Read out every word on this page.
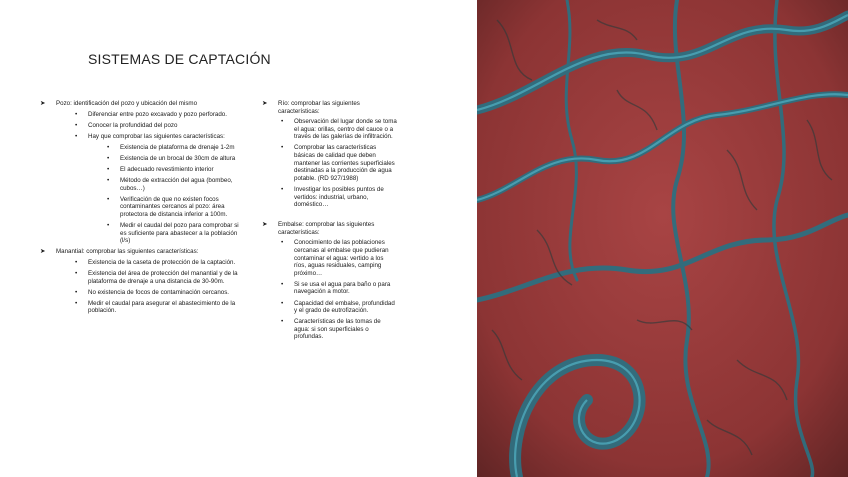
SISTEMAS DE CAPTACIÓN
➤ Pozo: identificación del pozo y ubicación del mismo
• Diferenciar entre pozo excavado y pozo perforado.
• Conocer la profundidad del pozo
• Hay que comprobar las siguientes características:
• Existencia de plataforma de drenaje 1-2m
• Existencia de un brocal de 30cm de altura
• El adecuado revestimiento interior
• Método de extracción del agua (bombeo, cubos…)
• Verificación de que no existen focos contaminantes cercanos al pozo: área protectora de distancia inferior a 100m.
• Medir el caudal del pozo para comprobar si es suficiente para abastecer a la población (l/s)
➤ Manantial: comprobar las siguientes características:
• Existencia de la caseta de protección de la captación.
• Existencia del área de protección del manantial y de la plataforma de drenaje a una distancia de 30-90m.
• No existencia de focos de contaminación cercanos.
• Medir el caudal para asegurar el abastecimiento de la población.
➤ Río: comprobar las siguientes características:
• Observación del lugar donde se toma el agua: orillas, centro del cauce o a través de las galerías de infiltración.
• Comprobar las características básicas de calidad que deben mantener las corrientes superficiales destinadas a la producción de agua potable. (RD 927/1988)
• Investigar los posibles puntos de vertidos: industrial, urbano, doméstico…
➤ Embalse: comprobar las siguientes características:
• Conocimiento de las poblaciones cercanas al embalse que pudieran contaminar el agua: vertido a los ríos, aguas residuales, camping próximo…
• Si se usa el agua para baño o para navegación a motor.
• Capacidad del embalse, profundidad y el grado de eutrofización.
• Características de las tomas de agua: si son superficiales o profundas.
